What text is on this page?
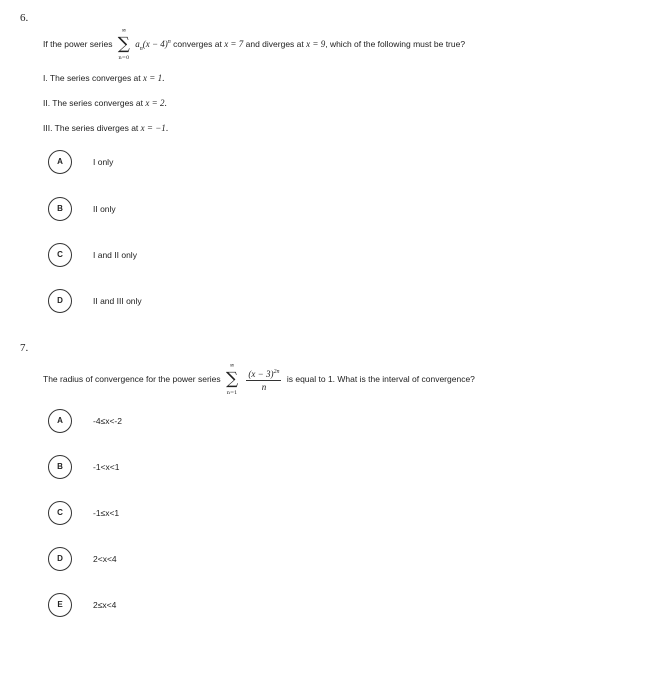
6.
If the power series
∞
∑
n=0
$a_n(x - 4)^n$ converges at x = 7 and diverges at x = 9, which of the following must be true?
I. The series converges at x = 1.
II. The series converges at x = 2.
III. The series diverges at x = −1.
A	I only
B	II only
C	I and II only
D	II and III only
7.
The radius of convergence for the power series
∞
∑
n=1
	$\frac{(x - 3)^{2n}}{n}$ is equal to 1. What is the interval of convergence?
A	-4≤x<-2
B	-1<x<1
C	-1≤x<1
D	2<x<4
E	2≤x<4
